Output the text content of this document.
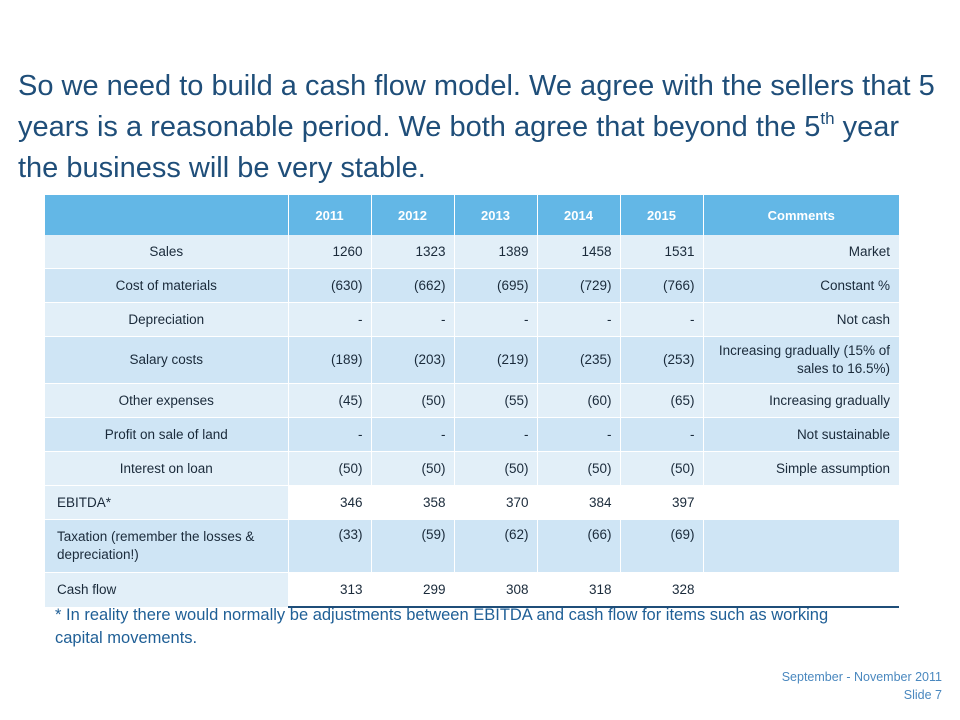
So we need to build a cash flow model. We agree with the sellers that 5 years is a reasonable period. We both agree that beyond the 5th year the business will be very stable.
	2011	2012	2013	2014	2015	Comments
Sales	1260	1323	1389	1458	1531	Market
Cost of materials	(630)	(662)	(695)	(729)	(766)	Constant %
Depreciation	-	-	-	-	-	Not cash
Salary costs	(189)	(203)	(219)	(235)	(253)	Increasing gradually (15% of sales to 16.5%)
Other expenses	(45)	(50)	(55)	(60)	(65)	Increasing gradually
Profit on sale of land	-	-	-	-	-	Not sustainable
Interest on loan	(50)	(50)	(50)	(50)	(50)	Simple assumption
EBITDA*	346	358	370	384	397	
Taxation (remember the losses & depreciation!)	(33)	(59)	(62)	(66)	(69)	
Cash flow	313	299	308	318	328	
* In reality there would normally be adjustments between EBITDA and cash flow for items such as working capital movements.
September - November 2011
Slide 7
